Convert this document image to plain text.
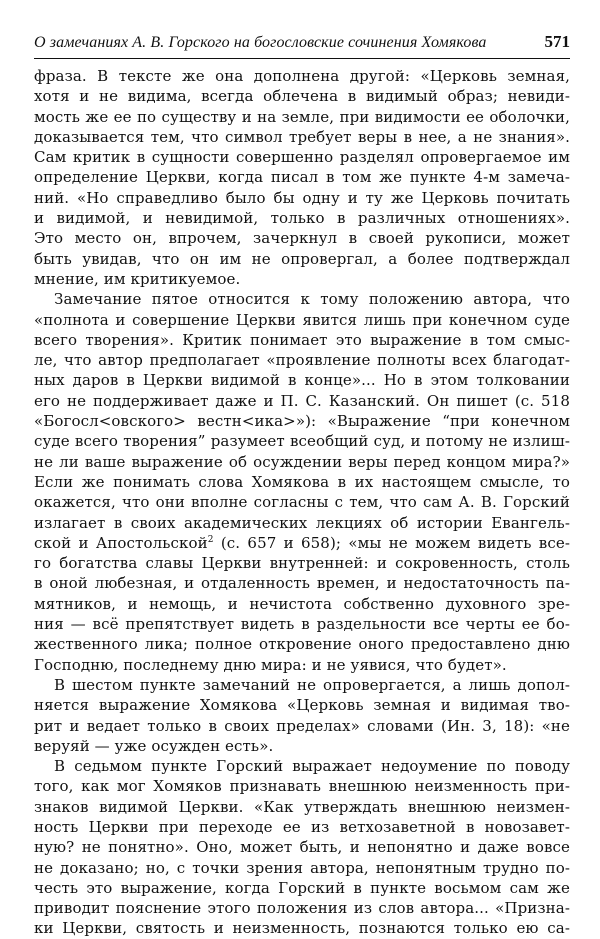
О замечаниях А. В. Горского на богословские сочинения Хомякова	571
фраза. В тексте же она дополнена другой: «Церковь земная,
хотя и не видима, всегда облечена в видимый образ; невиди-
мость же ее по существу и на земле, при видимости ее оболочки,
доказывается тем, что символ требует веры в нее, а не знания».
Сам критик в сущности совершенно разделял опровергаемое им
определение Церкви, когда писал в том же пункте 4-м замеча-
ний. «Но справедливо было бы одну и ту же Церковь почитать
и видимой, и невидимой, только в различных отношениях».
Это место он, впрочем, зачеркнул в своей рукописи, может
быть увидав, что он им не опровергал, а более подтверждал
мнение, им критикуемое.
Замечание пятое относится к тому положению автора, что
«полнота и совершение Церкви явится лишь при конечном суде
всего творения». Критик понимает это выражение в том смыс-
ле, что автор предполагает «проявление полноты всех благодат-
ных даров в Церкви видимой в конце»... Но в этом толковании
его не поддерживает даже и П. С. Казанский. Он пишет (с. 518
«Богосл<овского> вестн<ика>»): «Выражение “при конечном
суде всего творения” разумеет всеобщий суд, и потому не излиш-
не ли ваше выражение об осуждении веры перед концом мира?»
Если же понимать слова Хомякова в их настоящем смысле, то
окажется, что они вполне согласны с тем, что сам А. В. Горский
излагает в своих академических лекциях об истории Евангель-
ской и Апостольской$^2$ (с. 657 и 658); «мы не можем видеть все-
го богатства славы Церкви внутренней: и сокровенность, столь
в оной любезная, и отдаленность времен, и недостаточность па-
мятников, и немощь, и нечистота собственно духовного зре-
ния — всё препятствует видеть в раздельности все черты ее бо-
жественного лика; полное откровение оного предоставлено дню
Господню, последнему дню мира: и не уявися, что будет».
В шестом пункте замечаний не опровергается, а лишь допол-
няется выражение Хомякова «Церковь земная и видимая тво-
рит и ведает только в своих пределах» словами (Ин. 3, 18): «не
веруяй — уже осужден есть».
В седьмом пункте Горский выражает недоумение по поводу
того, как мог Хомяков признавать внешнюю неизменность при-
знаков видимой Церкви. «Как утверждать внешнюю неизмен-
ность Церкви при переходе ее из ветхозаветной в новозавет-
ную? не понятно». Оно, может быть, и непонятно и даже вовсе
не доказано; но, с точки зрения автора, непонятным трудно по-
честь это выражение, когда Горский в пункте восьмом сам же
приводит пояснение этого положения из слов автора... «Призна-
ки Церкви, святость и неизменность, познаются только ею са-
